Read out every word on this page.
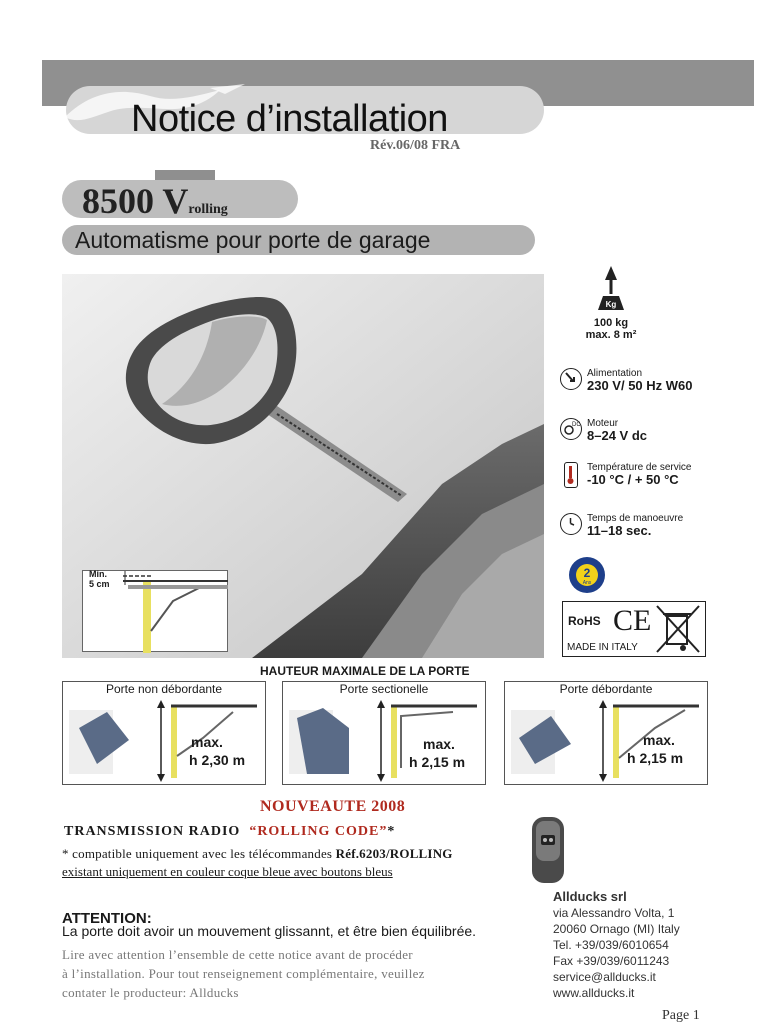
Notice d’installation
Rév.06/08 FRA
8500 Vrolling
Automatisme pour porte de garage
Min.
5 cm
Kg
100 kg
max. 8 m²
Alimentation
230 V/ 50 Hz W60
DC Moteur
8–24 V dc
Température de service
-10 °C / + 50 °C
Temps de manoeuvre
11–18 sec.
2
Ans
RoHS CE
MADE IN ITALY
HAUTEUR MAXIMALE DE LA PORTE
Porte non débordante
max.
h 2,30 m
Porte sectionelle
max.
h 2,15 m
Porte débordante
max.
h 2,15 m
NOUVEAUTE 2008
TRANSMISSION RADIO “ROLLING CODE”*
* compatible uniquement avec les télécommandes Réf.6203/ROLLING
existant uniquement en couleur coque bleue avec boutons bleus
Allducks srl
via Alessandro Volta, 1
20060 Ornago (MI) Italy
Tel. +39/039/6010654
Fax +39/039/6011243
service@allducks.it
www.allducks.it
ATTENTION:
La porte doit avoir un mouvement glissannt, et être bien équilibrée.
Lire avec attention l’ensemble de cette notice avant de procéder
à l’installation. Pour tout renseignement complémentaire, veuillez
contater le producteur: Allducks
Page 1
